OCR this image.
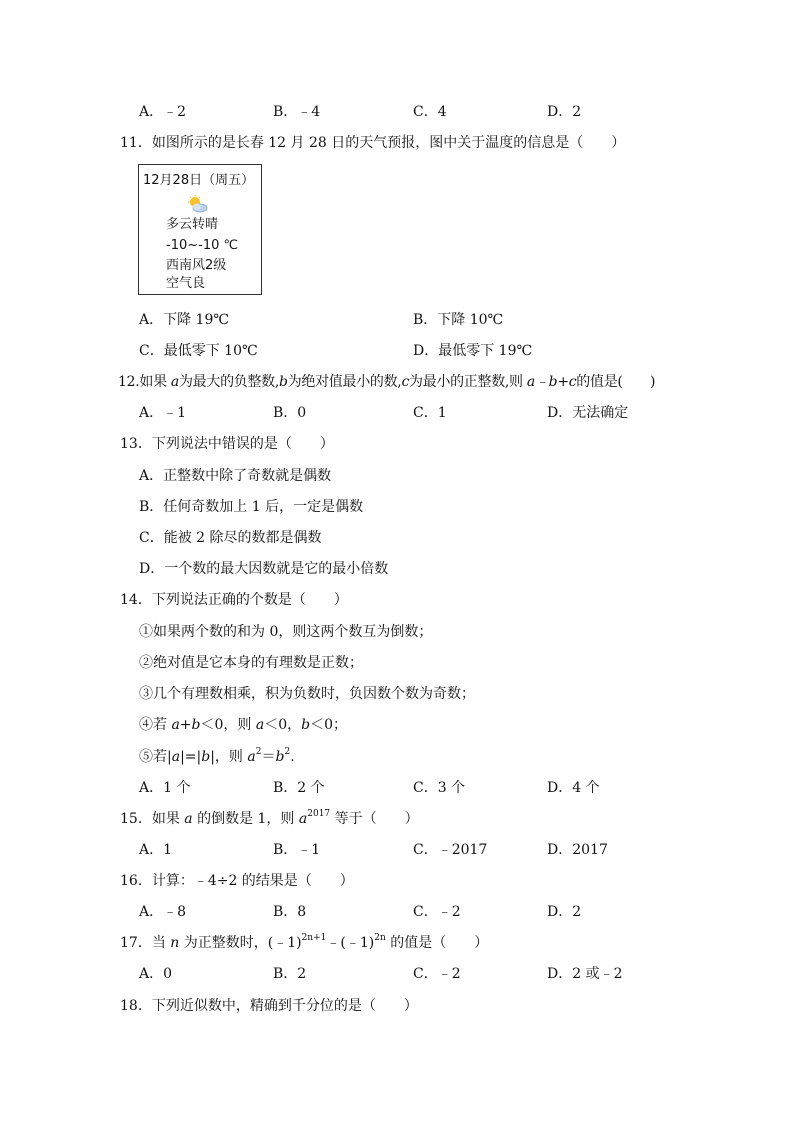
A．﹣2	B．﹣4	C．4	D．2
11．如图所示的是长春 12 月 28 日的天气预报，图中关于温度的信息是（　　）
12月28日（周五）
多云转晴
-10~-10 ℃
西南风2级
空气良
A．下降 19℃	B．下降 10℃
C．最低零下 10℃	D．最低零下 19℃
12.如果 a为最大的负整数,b为绝对值最小的数,c为最小的正整数,则 a﹣b+c的值是(　　)
A．﹣1	B．0	C．1	D．无法确定
13．下列说法中错误的是（　　）
A．正整数中除了奇数就是偶数
B．任何奇数加上 1 后，一定是偶数
C．能被 2 除尽的数都是偶数
D．一个数的最大因数就是它的最小倍数
14．下列说法正确的个数是（　　）
①如果两个数的和为 0，则这两个数互为倒数；
②绝对值是它本身的有理数是正数；
③几个有理数相乘，积为负数时，负因数个数为奇数；
④若 a+b＜0，则 a＜0，b＜0；
⑤若|a|=|b|，则 $a^2=b^2$.
A．1 个	B．2 个	C．3 个	D．4 个
15．如果 a 的倒数是 1，则 $a^{2017}$ 等于（　　）
A．1	B．﹣1	C．﹣2017	D．2017
16．计算：﹣4÷2 的结果是（　　）
A．﹣8	B．8	C．﹣2	D．2
17．当 n 为正整数时，(﹣1)$^{2n+1}$﹣(﹣1)$^{2n}$ 的值是（　　）
A．0	B．2	C．﹣2	D．2 或﹣2
18．下列近似数中，精确到千分位的是（　　）
